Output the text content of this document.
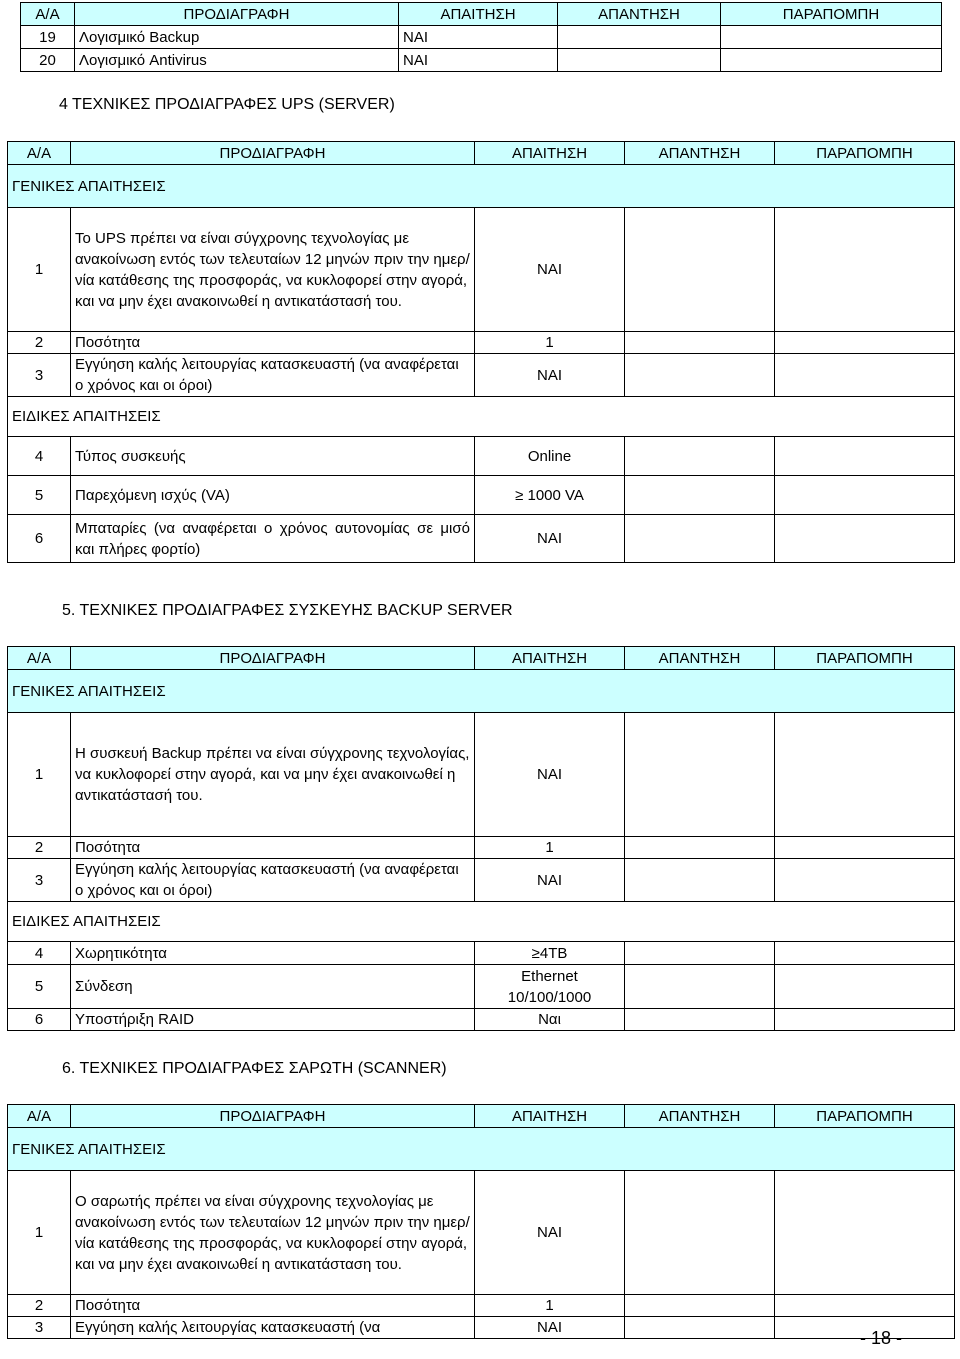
Α/Α	ΠΡΟΔΙΑΓΡΑΦΗ	ΑΠΑΙΤΗΣΗ	ΑΠΑΝΤΗΣΗ	ΠΑΡΑΠΟΜΠΗ
19	Λογισμικό Backup	ΝΑΙ		
20	Λογισμικό Antivirus	ΝΑΙ		
4 ΤΕΧΝΙΚΕΣ ΠΡΟΔΙΑΓΡΑΦΕΣ UPS (SERVER)
Α/Α	ΠΡΟΔΙΑΓΡΑΦΗ	ΑΠΑΙΤΗΣΗ	ΑΠΑΝΤΗΣΗ	ΠΑΡΑΠΟΜΠΗ
ΓΕΝΙΚΕΣ ΑΠΑΙΤΗΣΕΙΣ				
1	Το UPS πρέπει να είναι σύγχρονης τεχνολογίας με ανακοίνωση εντός των τελευταίων 12 μηνών πριν την ημερ/νία κατάθεσης της προσφοράς, να κυκλοφορεί στην αγορά, και να μην έχει ανακοινωθεί η αντικατάστασή του.	ΝΑΙ		
2	Ποσότητα	1		
3	Εγγύηση καλής λειτουργίας κατασκευαστή (να αναφέρεται ο χρόνος και οι όροι)	ΝΑΙ		
ΕΙΔΙΚΕΣ ΑΠΑΙΤΗΣΕΙΣ				
4	Τύπος συσκευής	Online		
5	Παρεχόμενη ισχύς (VA)	≥ 1000 VA		
6	Μπαταρίες (να αναφέρεται ο χρόνος αυτονομίας σε μισό και πλήρες φορτίο)	ΝΑΙ		
5. ΤΕΧΝΙΚΕΣ ΠΡΟΔΙΑΓΡΑΦΕΣ ΣΥΣΚΕΥΗΣ BACKUP SERVER
Α/Α	ΠΡΟΔΙΑΓΡΑΦΗ	ΑΠΑΙΤΗΣΗ	ΑΠΑΝΤΗΣΗ	ΠΑΡΑΠΟΜΠΗ
ΓΕΝΙΚΕΣ ΑΠΑΙΤΗΣΕΙΣ				
1	Η συσκευή Backup πρέπει να είναι σύγχρονης τεχνολογίας, να κυκλοφορεί στην αγορά, και να μην έχει ανακοινωθεί η αντικατάστασή του.	ΝΑΙ		
2	Ποσότητα	1		
3	Εγγύηση καλής λειτουργίας κατασκευαστή (να αναφέρεται ο χρόνος και οι όροι)	ΝΑΙ		
ΕΙΔΙΚΕΣ ΑΠΑΙΤΗΣΕΙΣ				
4	Χωρητικότητα	≥4TB		
5	Σύνδεση	Ethernet 10/100/1000		
6	Υποστήριξη RAID	Ναι		
6. ΤΕΧΝΙΚΕΣ ΠΡΟΔΙΑΓΡΑΦΕΣ ΣΑΡΩΤΗ (SCANNER)
Α/Α	ΠΡΟΔΙΑΓΡΑΦΗ	ΑΠΑΙΤΗΣΗ	ΑΠΑΝΤΗΣΗ	ΠΑΡΑΠΟΜΠΗ
ΓΕΝΙΚΕΣ ΑΠΑΙΤΗΣΕΙΣ				
1	Ο σαρωτής πρέπει να είναι σύγχρονης τεχνολογίας με ανακοίνωση εντός των τελευταίων 12 μηνών πριν την ημερ/νία κατάθεσης της προσφοράς, να κυκλοφορεί στην αγορά, και να μην έχει ανακοινωθεί η αντικατάσταση του.	ΝΑΙ		
2	Ποσότητα	1		
3	Εγγύηση καλής λειτουργίας κατασκευαστή (να	ΝΑΙ		
- 18 -
